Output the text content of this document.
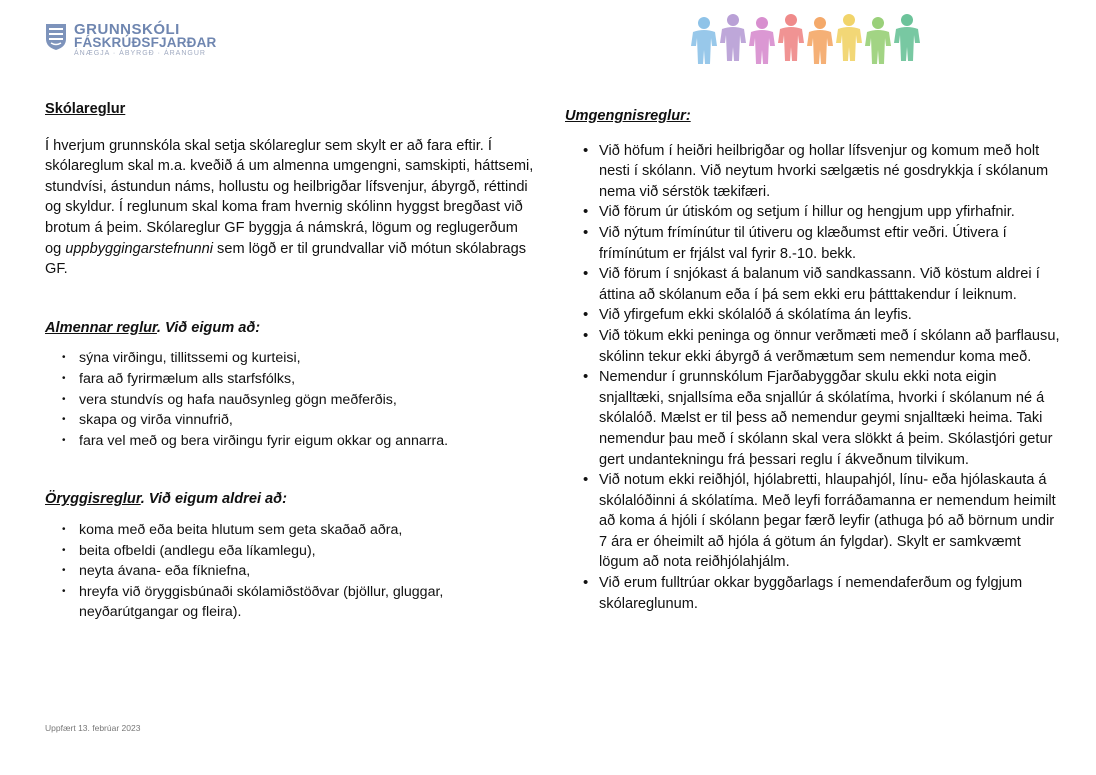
GRUNNSKÓLI
FÁSKRÚÐSFJARÐAR
ÁNÆGJA · ÁBYRGÐ · ÁRANGUR
Skólareglur

Í hverjum grunnskóla skal setja skólareglur sem skylt er að fara eftir. Í skólareglum skal m.a. kveðið á um almenna umgengni, samskipti, háttsemi, stundvísi, ástundun náms, hollustu og heilbrigðar lífsvenjur, ábyrgð, réttindi og skyldur. Í reglunum skal koma fram hvernig skólinn hyggst bregðast við brotum á þeim. Skólareglur GF byggja á námskrá, lögum og reglugerðum og uppbyggingarstefnunni sem lögð er til grundvallar við mótun skólabrags GF.

Almennar reglur. Við eigum að:

• sýna virðingu, tillitssemi og kurteisi,
• fara að fyrirmælum alls starfsfólks,
• vera stundvís og hafa nauðsynleg gögn meðferðis,
• skapa og virða vinnufrið,
• fara vel með og bera virðingu fyrir eigum okkar og annarra.

Öryggisreglur. Við eigum aldrei að:

• koma með eða beita hlutum sem geta skaðað aðra,
• beita ofbeldi (andlegu eða líkamlegu),
• neyta ávana- eða fíkniefna,
• hreyfa við öryggisbúnaði skólamiðstöðvar (bjöllur, gluggar, neyðarútgangar og fleira).

Umgengnisreglur:

• Við höfum í heiðri heilbrigðar og hollar lífsvenjur og komum með holt nesti í skólann. Við neytum hvorki sælgætis né gosdrykkja í skólanum nema við sérstök tækifæri.
• Við förum úr útiskóm og setjum í hillur og hengjum upp yfirhafnir.
• Við nýtum frímínútur til útiveru og klæðumst eftir veðri. Útivera í frímínútum er frjálst val fyrir 8.-10. bekk.
• Við förum í snjókast á balanum við sandkassann. Við köstum aldrei í áttina að skólanum eða í þá sem ekki eru þátttakendur í leiknum.
• Við yfirgefum ekki skólalóð á skólatíma án leyfis.
• Við tökum ekki peninga og önnur verðmæti með í skólann að þarflausu, skólinn tekur ekki ábyrgð á verðmætum sem nemendur koma með.
• Nemendur í grunnskólum Fjarðabyggðar skulu ekki nota eigin snjalltæki, snjallsíma eða snjallúr á skólatíma, hvorki í skólanum né á skólalóð. Mælst er til þess að nemendur geymi snjalltæki heima. Taki nemendur þau með í skólann skal vera slökkt á þeim. Skólastjóri getur gert undantekningu frá þessari reglu í ákveðnum tilvikum.
• Við notum ekki reiðhjól, hjólabretti, hlaupahjól, línu- eða hjólaskauta á skólalóðinni á skólatíma. Með leyfi forráðamanna er nemendum heimilt að koma á hjóli í skólann þegar færð leyfir (athuga þó að börnum undir 7 ára er óheimilt að hjóla á götum án fylgdar). Skylt er samkvæmt lögum að nota reiðhjólahjálm.
• Við erum fulltrúar okkar byggðarlags í nemendaferðum og fylgjum skólareglunum.
Uppfært 13. febrúar 2023
